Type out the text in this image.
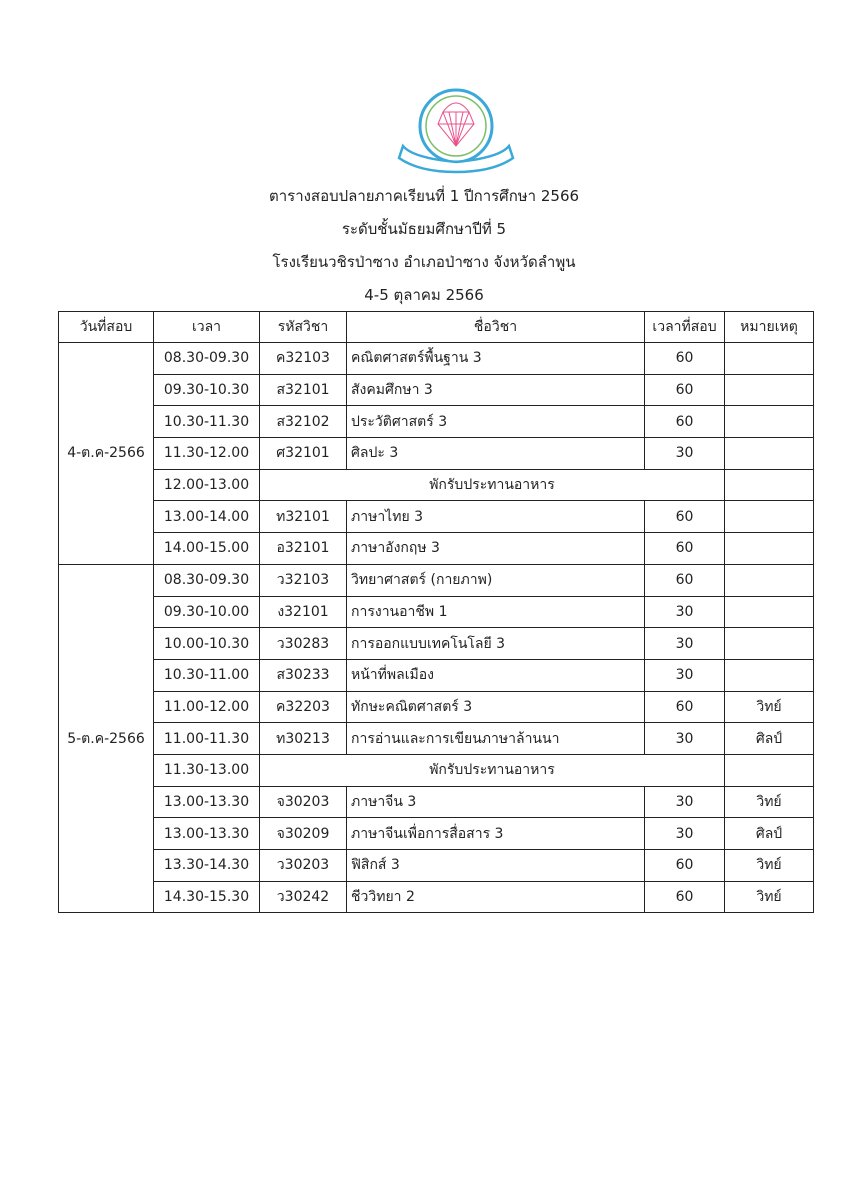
ตารางสอบปลายภาคเรียนที่ 1 ปีการศึกษา 2566
ระดับชั้นมัธยมศึกษาปีที่ 5
โรงเรียนวชิรป่าซาง อำเภอป่าซาง จังหวัดลำพูน
4-5 ตุลาคม 2566
วันที่สอบ	เวลา	รหัสวิชา	ชื่อวิชา	เวลาที่สอบ	หมายเหตุ
4-ต.ค-2566	08.30-09.30	ค32103	คณิตศาสตร์พื้นฐาน 3	60	
	09.30-10.30	ส32101	สังคมศึกษา 3	60	
	10.30-11.30	ส32102	ประวัติศาสตร์ 3	60	
	11.30-12.00	ศ32101	ศิลปะ 3	30	
	12.00-13.00	พักรับประทานอาหาร			
	13.00-14.00	ท32101	ภาษาไทย 3	60	
	14.00-15.00	อ32101	ภาษาอังกฤษ 3	60	
5-ต.ค-2566	08.30-09.30	ว32103	วิทยาศาสตร์ (กายภาพ)	60	
	09.30-10.00	ง32101	การงานอาชีพ 1	30	
	10.00-10.30	ว30283	การออกแบบเทคโนโลยี 3	30	
	10.30-11.00	ส30233	หน้าที่พลเมือง	30	
	11.00-12.00	ค32203	ทักษะคณิตศาสตร์ 3	60	วิทย์
	11.00-11.30	ท30213	การอ่านและการเขียนภาษาล้านนา	30	ศิลป์
	11.30-13.00	พักรับประทานอาหาร			
	13.00-13.30	จ30203	ภาษาจีน 3	30	วิทย์
	13.00-13.30	จ30209	ภาษาจีนเพื่อการสื่อสาร 3	30	ศิลป์
	13.30-14.30	ว30203	ฟิสิกส์ 3	60	วิทย์
	14.30-15.30	ว30242	ชีววิทยา 2	60	วิทย์
